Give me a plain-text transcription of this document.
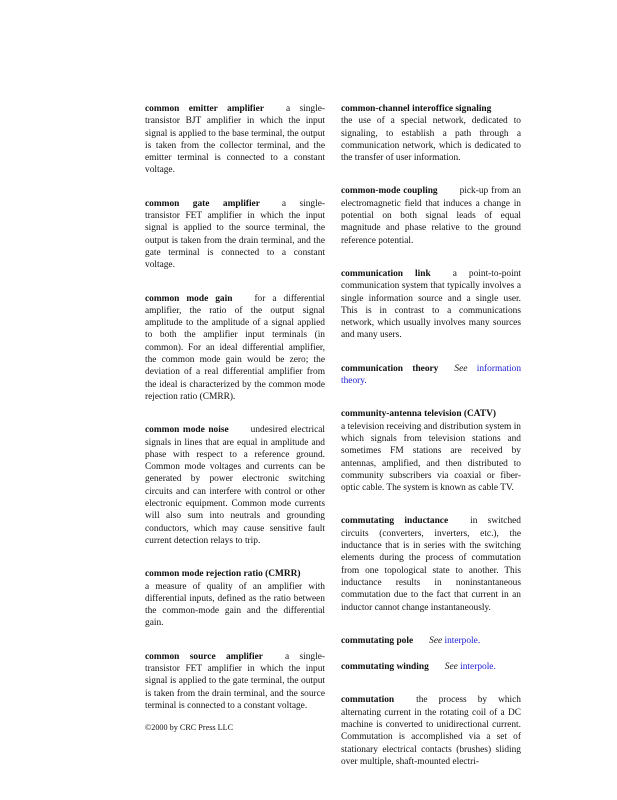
common emitter amplifier a single-transistor BJT amplifier in which the input signal is applied to the base terminal, the output is taken from the collector terminal, and the emitter terminal is connected to a constant voltage.

common gate amplifier a single-transistor FET amplifier in which the input signal is applied to the source terminal, the output is taken from the drain terminal, and the gate terminal is connected to a constant voltage.

common mode gain for a differential amplifier, the ratio of the output signal amplitude to the amplitude of a signal applied to both the amplifier input terminals (in common). For an ideal differential amplifier, the common mode gain would be zero; the deviation of a real differential amplifier from the ideal is characterized by the common mode rejection ratio (CMRR).

common mode noise undesired electrical signals in lines that are equal in amplitude and phase with respect to a reference ground. Common mode voltages and currents can be generated by power electronic switching circuits and can interfere with control or other electronic equipment. Common mode currents will also sum into neutrals and grounding conductors, which may cause sensitive fault current detection relays to trip.

common mode rejection ratio (CMRR)
a measure of quality of an amplifier with differential inputs, defined as the ratio between the common-mode gain and the differential gain.

common source amplifier a single-transistor FET amplifier in which the input signal is applied to the gate terminal, the output is taken from the drain terminal, and the source terminal is connected to a constant voltage.

common-channel interoffice signaling
the use of a special network, dedicated to signaling, to establish a path through a communication network, which is dedicated to the transfer of user information.

common-mode coupling pick-up from an electromagnetic field that induces a change in potential on both signal leads of equal magnitude and phase relative to the ground reference potential.

communication link a point-to-point communication system that typically involves a single information source and a single user. This is in contrast to a communications network, which usually involves many sources and many users.

communication theory See information theory.

community-antenna television (CATV)
a television receiving and distribution system in which signals from television stations and sometimes FM stations are received by antennas, amplified, and then distributed to community subscribers via coaxial or fiber-optic cable. The system is known as cable TV.

commutating inductance in switched circuits (converters, inverters, etc.), the inductance that is in series with the switching elements during the process of commutation from one topological state to another. This inductance results in noninstantaneous commutation due to the fact that current in an inductor cannot change instantaneously.

commutating pole See interpole.

commutating winding See interpole.

commutation the process by which alternating current in the rotating coil of a DC machine is converted to unidirectional current. Commutation is accomplished via a set of stationary electrical contacts (brushes) sliding over multiple, shaft-mounted electri-

©2000 by CRC Press LLC
